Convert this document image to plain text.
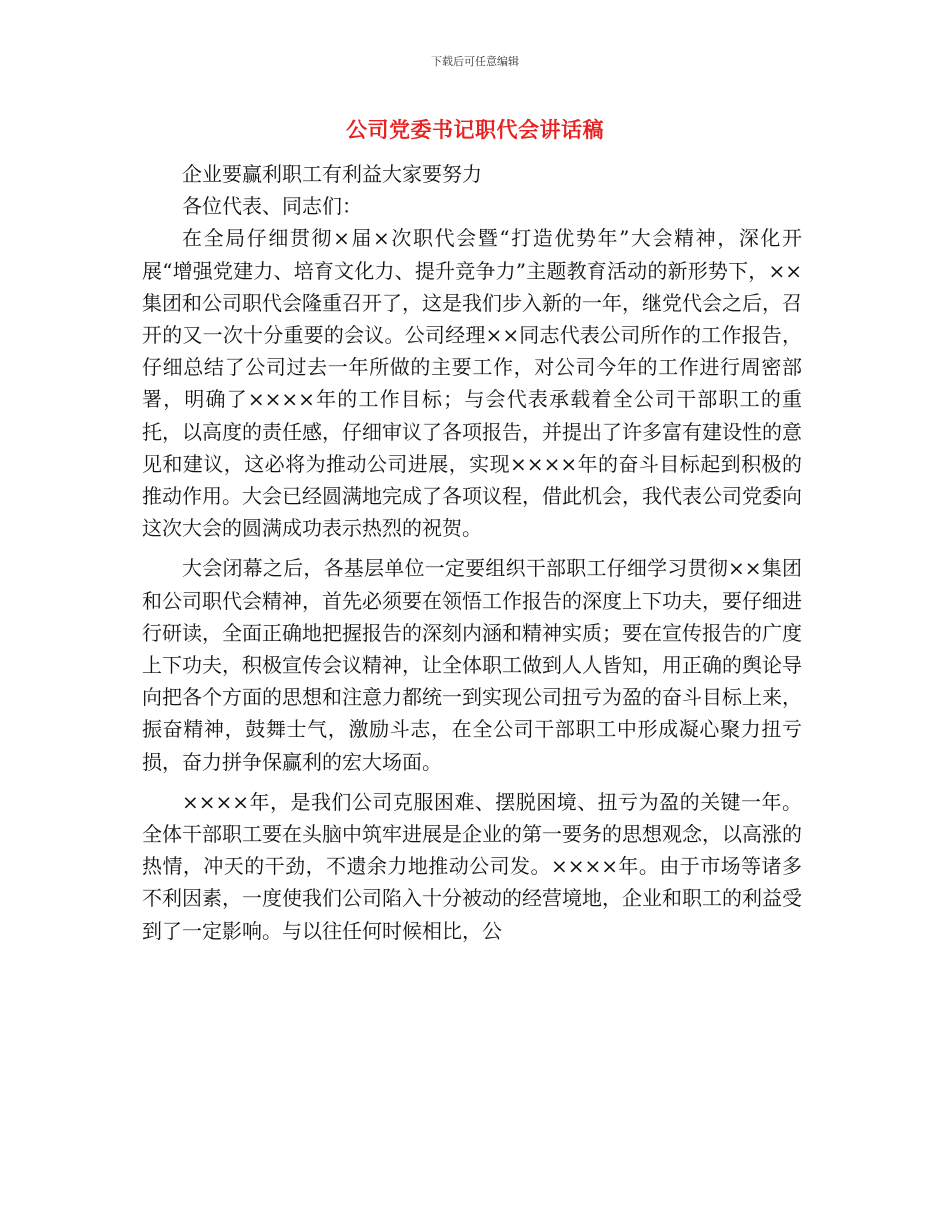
下载后可任意编辑
公司党委书记职代会讲话稿

企业要赢利职工有利益大家要努力

各位代表、同志们：

在全局仔细贯彻×届×次职代会暨“打造优势年”大会精神，深化开展“增强党建力、培育文化力、提升竞争力”主题教育活动的新形势下，××集团和公司职代会隆重召开了，这是我们步入新的一年，继党代会之后，召开的又一次十分重要的会议。公司经理××同志代表公司所作的工作报告，仔细总结了公司过去一年所做的主要工作，对公司今年的工作进行周密部署，明确了××××年的工作目标；与会代表承载着全公司干部职工的重托，以高度的责任感，仔细审议了各项报告，并提出了许多富有建设性的意见和建议，这必将为推动公司进展，实现××××年的奋斗目标起到积极的推动作用。大会已经圆满地完成了各项议程，借此机会，我代表公司党委向这次大会的圆满成功表示热烈的祝贺。

大会闭幕之后，各基层单位一定要组织干部职工仔细学习贯彻××集团和公司职代会精神，首先必须要在领悟工作报告的深度上下功夫，要仔细进行研读，全面正确地把握报告的深刻内涵和精神实质；要在宣传报告的广度上下功夫，积极宣传会议精神，让全体职工做到人人皆知，用正确的舆论导向把各个方面的思想和注意力都统一到实现公司扭亏为盈的奋斗目标上来，振奋精神，鼓舞士气，激励斗志，在全公司干部职工中形成凝心聚力扭亏损，奋力拼争保赢利的宏大场面。

××××年，是我们公司克服困难、摆脱困境、扭亏为盈的关键一年。全体干部职工要在头脑中筑牢进展是企业的第一要务的思想观念，以高涨的热情，冲天的干劲，不遗余力地推动公司发。××××年。由于市场等诸多不利因素，一度使我们公司陷入十分被动的经营境地，企业和职工的利益受到了一定影响。与以往任何时候相比，公
